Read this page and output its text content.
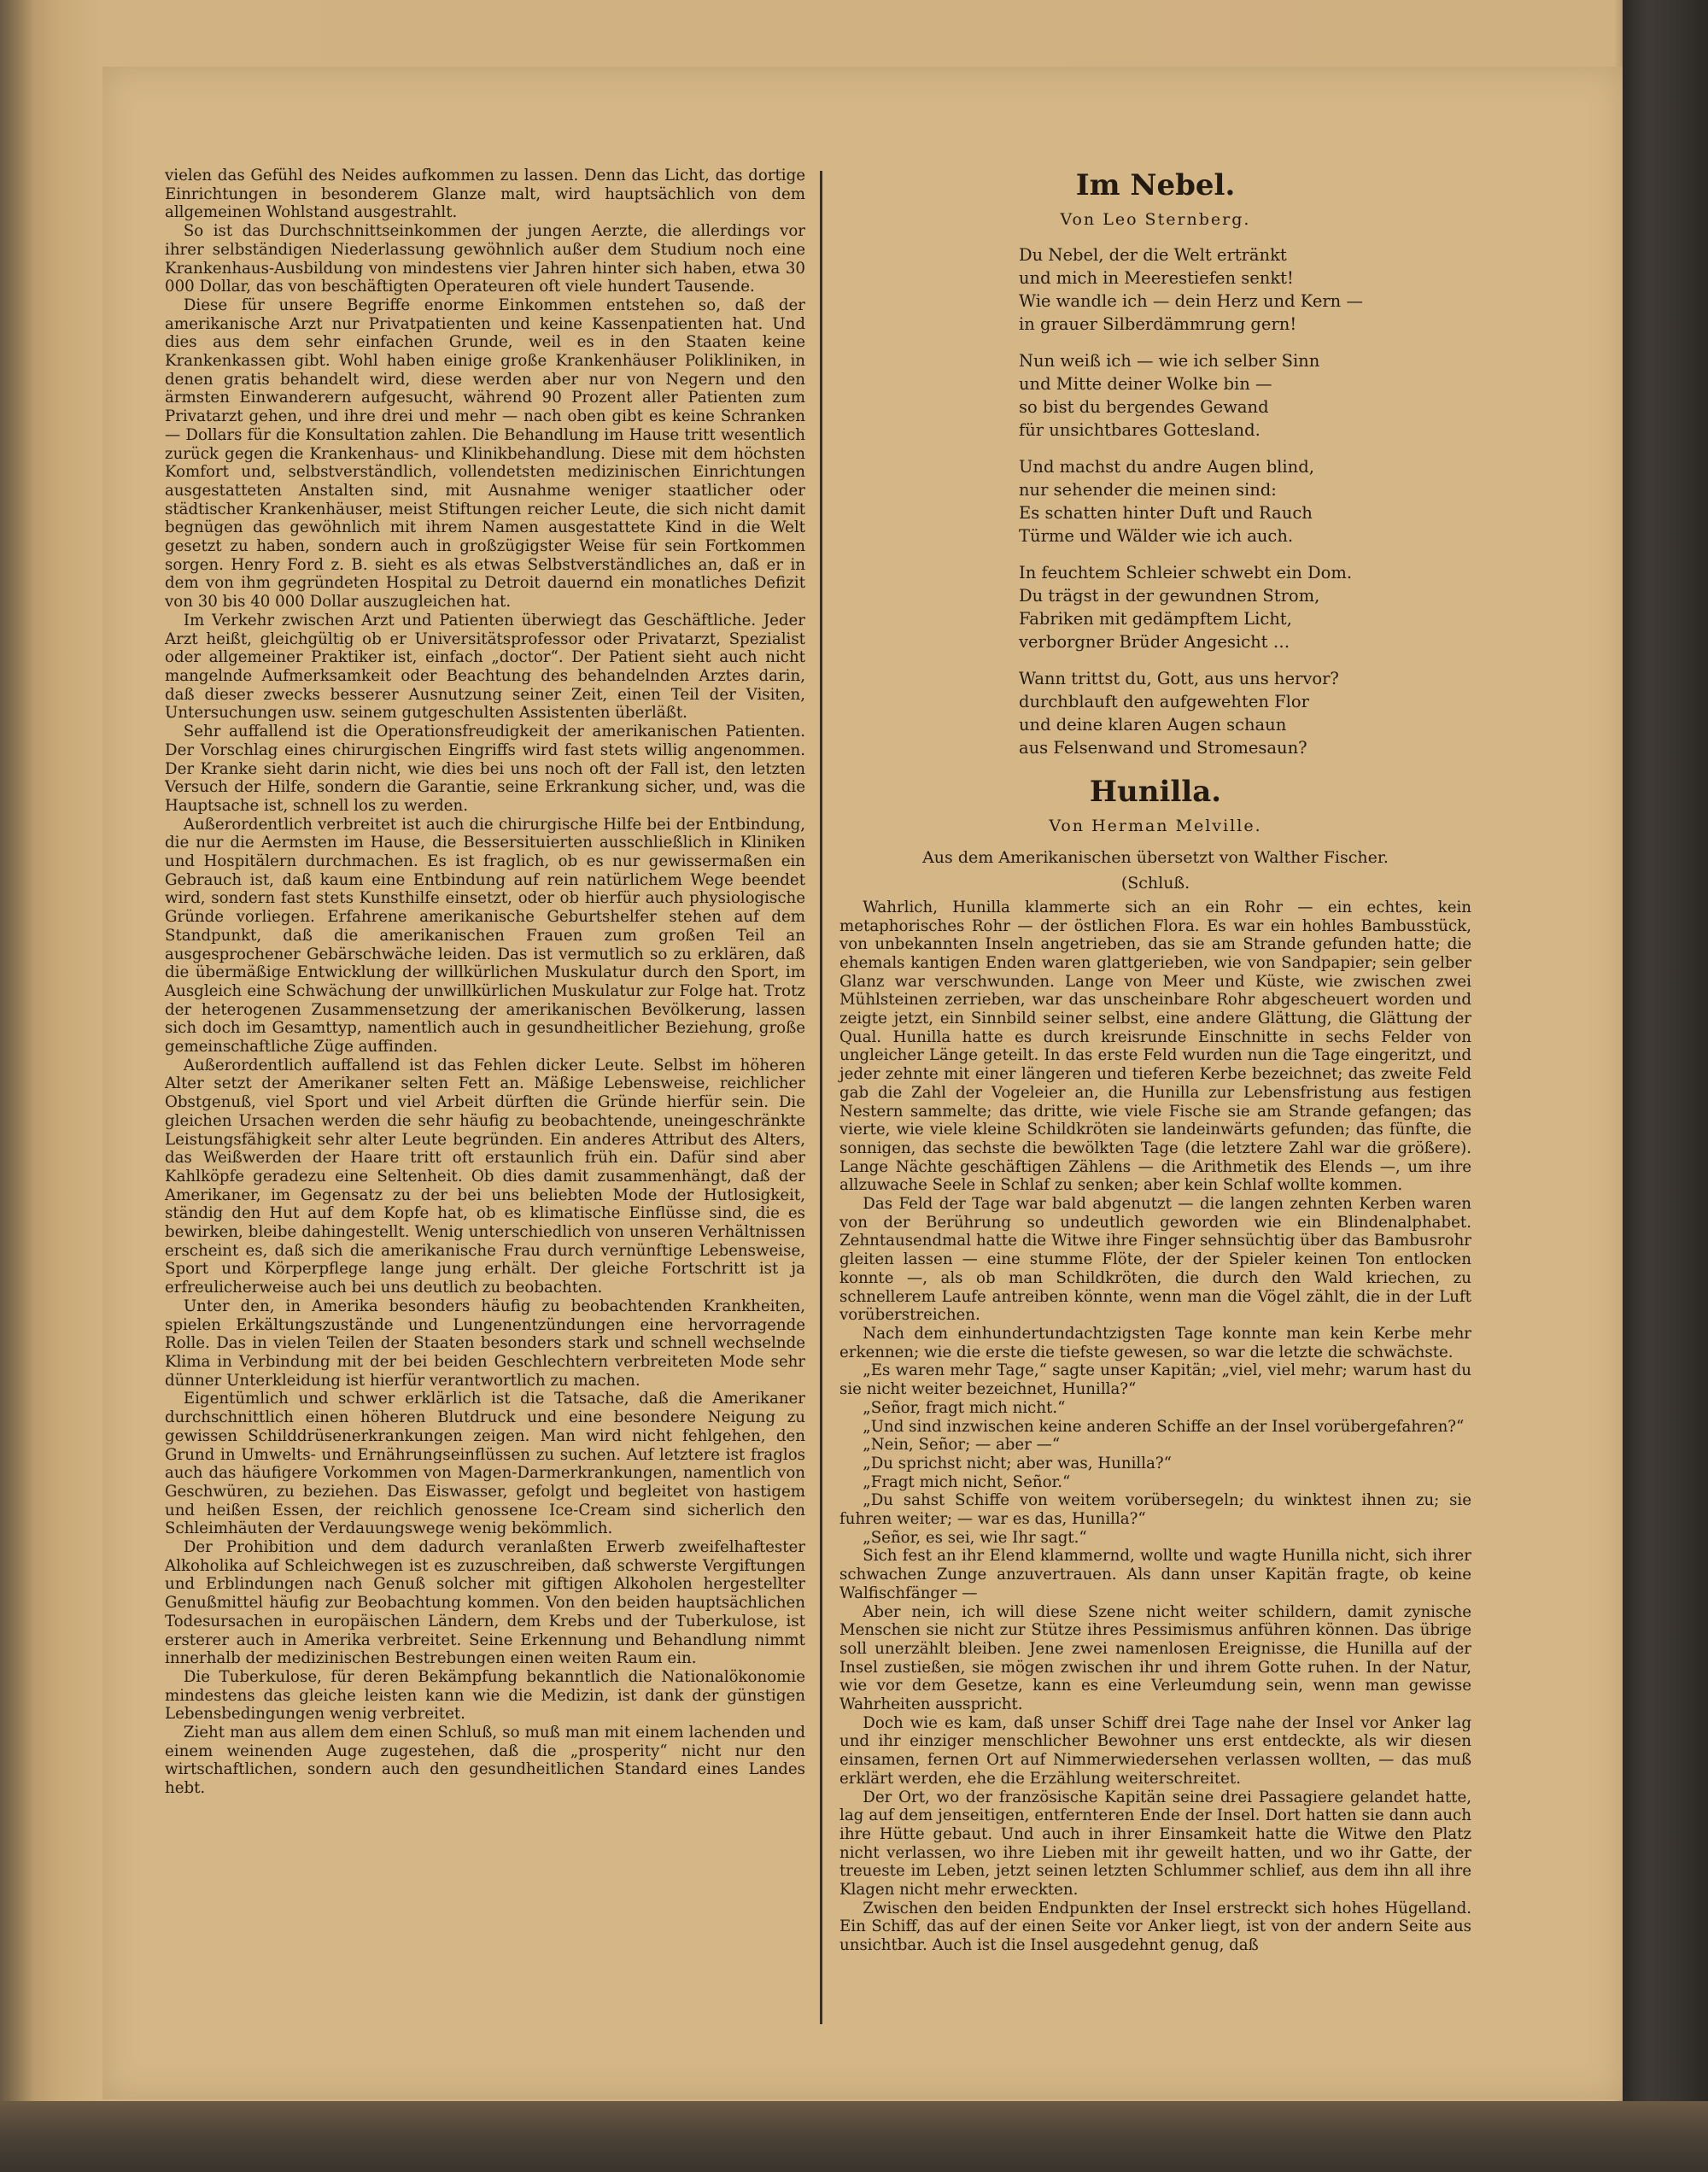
vielen das Gefühl des Neides aufkommen zu lassen. Denn das Licht, das dortige Einrichtungen in besonderem Glanze malt, wird hauptsächlich von dem allgemeinen Wohlstand ausgestrahlt.

So ist das Durchschnittseinkommen der jungen Aerzte, die allerdings vor ihrer selbständigen Niederlassung gewöhnlich außer dem Studium noch eine Krankenhaus-Ausbildung von mindestens vier Jahren hinter sich haben, etwa 30 000 Dollar, das von beschäftigten Operateuren oft viele hundert Tausende.

Diese für unsere Begriffe enorme Einkommen entstehen so, daß der amerikanische Arzt nur Privatpatienten und keine Kassenpatienten hat. Und dies aus dem sehr einfachen Grunde, weil es in den Staaten keine Krankenkassen gibt. Wohl haben einige große Krankenhäuser Polikliniken, in denen gratis behandelt wird, diese werden aber nur von Negern und den ärmsten Einwanderern aufgesucht, während 90 Prozent aller Patienten zum Privatarzt gehen, und ihre drei und mehr — nach oben gibt es keine Schranken — Dollars für die Konsultation zahlen. Die Behandlung im Hause tritt wesentlich zurück gegen die Krankenhaus- und Klinikbehandlung. Diese mit dem höchsten Komfort und, selbstverständlich, vollendetsten medizinischen Einrichtungen ausgestatteten Anstalten sind, mit Ausnahme weniger staatlicher oder städtischer Krankenhäuser, meist Stiftungen reicher Leute, die sich nicht damit begnügen das gewöhnlich mit ihrem Namen ausgestattete Kind in die Welt gesetzt zu haben, sondern auch in großzügigster Weise für sein Fortkommen sorgen. Henry Ford z. B. sieht es als etwas Selbstverständliches an, daß er in dem von ihm gegründeten Hospital zu Detroit dauernd ein monatliches Defizit von 30 bis 40 000 Dollar auszugleichen hat.

Im Verkehr zwischen Arzt und Patienten überwiegt das Geschäftliche. Jeder Arzt heißt, gleichgültig ob er Universitätsprofessor oder Privatarzt, Spezialist oder allgemeiner Praktiker ist, einfach „doctor“. Der Patient sieht auch nicht mangelnde Aufmerksamkeit oder Beachtung des behandelnden Arztes darin, daß dieser zwecks besserer Ausnutzung seiner Zeit, einen Teil der Visiten, Untersuchungen usw. seinem gutgeschulten Assistenten überläßt.

Sehr auffallend ist die Operationsfreudigkeit der amerikanischen Patienten. Der Vorschlag eines chirurgischen Eingriffs wird fast stets willig angenommen. Der Kranke sieht darin nicht, wie dies bei uns noch oft der Fall ist, den letzten Versuch der Hilfe, sondern die Garantie, seine Erkrankung sicher, und, was die Hauptsache ist, schnell los zu werden.

Außerordentlich verbreitet ist auch die chirurgische Hilfe bei der Entbindung, die nur die Aermsten im Hause, die Bessersituierten ausschließlich in Kliniken und Hospitälern durchmachen. Es ist fraglich, ob es nur gewissermaßen ein Gebrauch ist, daß kaum eine Entbindung auf rein natürlichem Wege beendet wird, sondern fast stets Kunsthilfe einsetzt, oder ob hierfür auch physiologische Gründe vorliegen. Erfahrene amerikanische Geburtshelfer stehen auf dem Standpunkt, daß die amerikanischen Frauen zum großen Teil an ausgesprochener Gebärschwäche leiden. Das ist vermutlich so zu erklären, daß die übermäßige Entwicklung der willkürlichen Muskulatur durch den Sport, im Ausgleich eine Schwächung der unwillkürlichen Muskulatur zur Folge hat. Trotz der heterogenen Zusammensetzung der amerikanischen Bevölkerung, lassen sich doch im Gesamttyp, namentlich auch in gesundheitlicher Beziehung, große gemeinschaftliche Züge auffinden.

Außerordentlich auffallend ist das Fehlen dicker Leute. Selbst im höheren Alter setzt der Amerikaner selten Fett an. Mäßige Lebensweise, reichlicher Obstgenuß, viel Sport und viel Arbeit dürften die Gründe hierfür sein. Die gleichen Ursachen werden die sehr häufig zu beobachtende, uneingeschränkte Leistungsfähigkeit sehr alter Leute begründen. Ein anderes Attribut des Alters, das Weißwerden der Haare tritt oft erstaunlich früh ein. Dafür sind aber Kahlköpfe geradezu eine Seltenheit. Ob dies damit zusammenhängt, daß der Amerikaner, im Gegensatz zu der bei uns beliebten Mode der Hutlosigkeit, ständig den Hut auf dem Kopfe hat, ob es klimatische Einflüsse sind, die es bewirken, bleibe dahingestellt. Wenig unterschiedlich von unseren Verhältnissen erscheint es, daß sich die amerikanische Frau durch vernünftige Lebensweise, Sport und Körperpflege lange jung erhält. Der gleiche Fortschritt ist ja erfreulicherweise auch bei uns deutlich zu beobachten.

Unter den, in Amerika besonders häufig zu beobachtenden Krankheiten, spielen Erkältungszustände und Lungenentzündungen eine hervorragende Rolle. Das in vielen Teilen der Staaten besonders stark und schnell wechselnde Klima in Verbindung mit der bei beiden Geschlechtern verbreiteten Mode sehr dünner Unterkleidung ist hierfür verantwortlich zu machen.

Eigentümlich und schwer erklärlich ist die Tatsache, daß die Amerikaner durchschnittlich einen höheren Blutdruck und eine besondere Neigung zu gewissen Schilddrüsenerkrankungen zeigen. Man wird nicht fehlgehen, den Grund in Umwelts- und Ernährungseinflüssen zu suchen. Auf letztere ist fraglos auch das häufigere Vorkommen von Magen-Darmerkrankungen, namentlich von Geschwüren, zu beziehen. Das Eiswasser, gefolgt und begleitet von hastigem und heißen Essen, der reichlich genossene Ice-Cream sind sicherlich den Schleimhäuten der Verdauungswege wenig bekömmlich.

Der Prohibition und dem dadurch veranlaßten Erwerb zweifelhaftester Alkoholika auf Schleichwegen ist es zuzuschreiben, daß schwerste Vergiftungen und Erblindungen nach Genuß solcher mit giftigen Alkoholen hergestellter Genußmittel häufig zur Beobachtung kommen. Von den beiden hauptsächlichen Todesursachen in europäischen Ländern, dem Krebs und der Tuberkulose, ist ersterer auch in Amerika verbreitet. Seine Erkennung und Behandlung nimmt innerhalb der medizinischen Bestrebungen einen weiten Raum ein.

Die Tuberkulose, für deren Bekämpfung bekanntlich die Nationalökonomie mindestens das gleiche leisten kann wie die Medizin, ist dank der günstigen Lebensbedingungen wenig verbreitet.

Zieht man aus allem dem einen Schluß, so muß man mit einem lachenden und einem weinenden Auge zugestehen, daß die „prosperity“ nicht nur den wirtschaftlichen, sondern auch den gesundheitlichen Standard eines Landes hebt.

Im Nebel.
Von Leo Sternberg.
Du Nebel, der die Welt ertränkt
und mich in Meerestiefen senkt!
Wie wandle ich — dein Herz und Kern —
in grauer Silberdämmrung gern!
Nun weiß ich — wie ich selber Sinn
und Mitte deiner Wolke bin —
so bist du bergendes Gewand
für unsichtbares Gottesland.
Und machst du andre Augen blind,
nur sehender die meinen sind:
Es schatten hinter Duft und Rauch
Türme und Wälder wie ich auch.
In feuchtem Schleier schwebt ein Dom.
Du trägst in der gewundnen Strom,
Fabriken mit gedämpftem Licht,
verborgner Brüder Angesicht …
Wann trittst du, Gott, aus uns hervor?
durchblauft den aufgewehten Flor
und deine klaren Augen schaun
aus Felsenwand und Stromesaun?
Hunilla.
Von Herman Melville.
Aus dem Amerikanischen übersetzt von Walther Fischer.
(Schluß.

Wahrlich, Hunilla klammerte sich an ein Rohr — ein echtes, kein metaphorisches Rohr — der östlichen Flora. Es war ein hohles Bambusstück, von unbekannten Inseln angetrieben, das sie am Strande gefunden hatte; die ehemals kantigen Enden waren glattgerieben, wie von Sandpapier; sein gelber Glanz war verschwunden. Lange von Meer und Küste, wie zwischen zwei Mühlsteinen zerrieben, war das unscheinbare Rohr abgescheuert worden und zeigte jetzt, ein Sinnbild seiner selbst, eine andere Glättung, die Glättung der Qual. Hunilla hatte es durch kreisrunde Einschnitte in sechs Felder von ungleicher Länge geteilt. In das erste Feld wurden nun die Tage eingeritzt, und jeder zehnte mit einer längeren und tieferen Kerbe bezeichnet; das zweite Feld gab die Zahl der Vogeleier an, die Hunilla zur Lebensfristung aus festigen Nestern sammelte; das dritte, wie viele Fische sie am Strande gefangen; das vierte, wie viele kleine Schildkröten sie landeinwärts gefunden; das fünfte, die sonnigen, das sechste die bewölkten Tage (die letztere Zahl war die größere). Lange Nächte geschäftigen Zählens — die Arithmetik des Elends —, um ihre allzuwache Seele in Schlaf zu senken; aber kein Schlaf wollte kommen.

Das Feld der Tage war bald abgenutzt — die langen zehnten Kerben waren von der Berührung so undeutlich geworden wie ein Blindenalphabet. Zehntausendmal hatte die Witwe ihre Finger sehnsüchtig über das Bambusrohr gleiten lassen — eine stumme Flöte, der der Spieler keinen Ton entlocken konnte —, als ob man Schildkröten, die durch den Wald kriechen, zu schnellerem Laufe antreiben könnte, wenn man die Vögel zählt, die in der Luft vorüberstreichen.

Nach dem einhundertundachtzigsten Tage konnte man kein Kerbe mehr erkennen; wie die erste die tiefste gewesen, so war die letzte die schwächste.

„Es waren mehr Tage,“ sagte unser Kapitän; „viel, viel mehr; warum hast du sie nicht weiter bezeichnet, Hunilla?“

„Señor, fragt mich nicht.“

„Und sind inzwischen keine anderen Schiffe an der Insel vorübergefahren?“

„Nein, Señor; — aber —“

„Du sprichst nicht; aber was, Hunilla?“

„Fragt mich nicht, Señor.“

„Du sahst Schiffe von weitem vorübersegeln; du winktest ihnen zu; sie fuhren weiter; — war es das, Hunilla?“

„Señor, es sei, wie Ihr sagt.“

Sich fest an ihr Elend klammernd, wollte und wagte Hunilla nicht, sich ihrer schwachen Zunge anzuvertrauen. Als dann unser Kapitän fragte, ob keine Walfischfänger —

Aber nein, ich will diese Szene nicht weiter schildern, damit zynische Menschen sie nicht zur Stütze ihres Pessimismus anführen können. Das übrige soll unerzählt bleiben. Jene zwei namenlosen Ereignisse, die Hunilla auf der Insel zustießen, sie mögen zwischen ihr und ihrem Gotte ruhen. In der Natur, wie vor dem Gesetze, kann es eine Verleumdung sein, wenn man gewisse Wahrheiten ausspricht.

Doch wie es kam, daß unser Schiff drei Tage nahe der Insel vor Anker lag und ihr einziger menschlicher Bewohner uns erst entdeckte, als wir diesen einsamen, fernen Ort auf Nimmerwiedersehen verlassen wollten, — das muß erklärt werden, ehe die Erzählung weiterschreitet.

Der Ort, wo der französische Kapitän seine drei Passagiere gelandet hatte, lag auf dem jenseitigen, entfernteren Ende der Insel. Dort hatten sie dann auch ihre Hütte gebaut. Und auch in ihrer Einsamkeit hatte die Witwe den Platz nicht verlassen, wo ihre Lieben mit ihr geweilt hatten, und wo ihr Gatte, der treueste im Leben, jetzt seinen letzten Schlummer schlief, aus dem ihn all ihre Klagen nicht mehr erweckten.

Zwischen den beiden Endpunkten der Insel erstreckt sich hohes Hügelland. Ein Schiff, das auf der einen Seite vor Anker liegt, ist von der andern Seite aus unsichtbar. Auch ist die Insel ausgedehnt genug, daß
